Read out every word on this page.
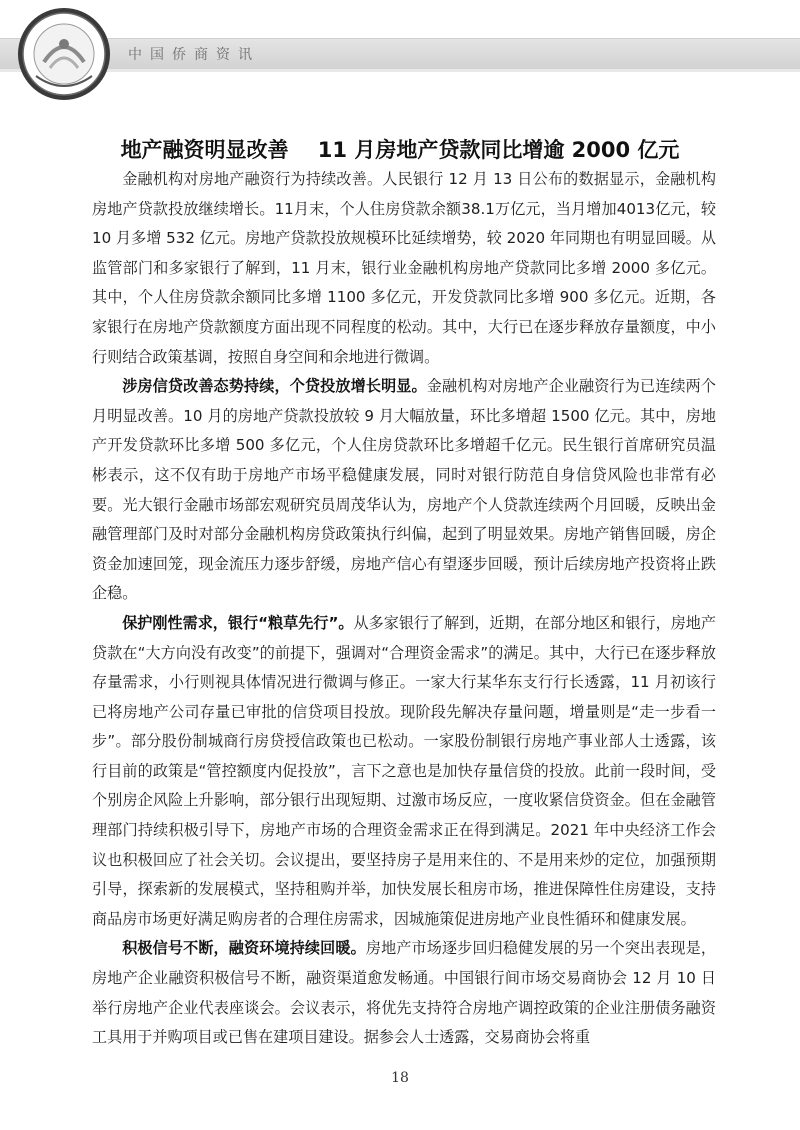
中国侨商资讯
地产融资明显改善    11 月房地产贷款同比增逾 2000 亿元

金融机构对房地产融资行为持续改善。人民银行 12 月 13 日公布的数据显示，金融机构房地产贷款投放继续增长。11月末，个人住房贷款余额38.1万亿元，当月增加4013亿元，较 10 月多增 532 亿元。房地产贷款投放规模环比延续增势，较 2020 年同期也有明显回暖。从监管部门和多家银行了解到，11 月末，银行业金融机构房地产贷款同比多增 2000 多亿元。其中，个人住房贷款余额同比多增 1100 多亿元，开发贷款同比多增 900 多亿元。近期，各家银行在房地产贷款额度方面出现不同程度的松动。其中，大行已在逐步释放存量额度，中小行则结合政策基调，按照自身空间和余地进行微调。

涉房信贷改善态势持续，个贷投放增长明显。金融机构对房地产企业融资行为已连续两个月明显改善。10 月的房地产贷款投放较 9 月大幅放量，环比多增超 1500 亿元。其中，房地产开发贷款环比多增 500 多亿元，个人住房贷款环比多增超千亿元。民生银行首席研究员温彬表示，这不仅有助于房地产市场平稳健康发展，同时对银行防范自身信贷风险也非常有必要。光大银行金融市场部宏观研究员周茂华认为，房地产个人贷款连续两个月回暖，反映出金融管理部门及时对部分金融机构房贷政策执行纠偏，起到了明显效果。房地产销售回暖，房企资金加速回笼，现金流压力逐步舒缓，房地产信心有望逐步回暖，预计后续房地产投资将止跌企稳。

保护刚性需求，银行“粮草先行”。从多家银行了解到，近期，在部分地区和银行，房地产贷款在“大方向没有改变”的前提下，强调对“合理资金需求”的满足。其中，大行已在逐步释放存量需求，小行则视具体情况进行微调与修正。一家大行某华东支行行长透露，11 月初该行已将房地产公司存量已审批的信贷项目投放。现阶段先解决存量问题，增量则是“走一步看一步”。部分股份制城商行房贷授信政策也已松动。一家股份制银行房地产事业部人士透露，该行目前的政策是“管控额度内促投放”，言下之意也是加快存量信贷的投放。此前一段时间，受个别房企风险上升影响，部分银行出现短期、过激市场反应，一度收紧信贷资金。但在金融管理部门持续积极引导下，房地产市场的合理资金需求正在得到满足。2021 年中央经济工作会议也积极回应了社会关切。会议提出，要坚持房子是用来住的、不是用来炒的定位，加强预期引导，探索新的发展模式，坚持租购并举，加快发展长租房市场，推进保障性住房建设，支持商品房市场更好满足购房者的合理住房需求，因城施策促进房地产业良性循环和健康发展。

积极信号不断，融资环境持续回暖。房地产市场逐步回归稳健发展的另一个突出表现是，房地产企业融资积极信号不断，融资渠道愈发畅通。中国银行间市场交易商协会 12 月 10 日举行房地产企业代表座谈会。会议表示，将优先支持符合房地产调控政策的企业注册债务融资工具用于并购项目或已售在建项目建设。据参会人士透露，交易商协会将重

18
